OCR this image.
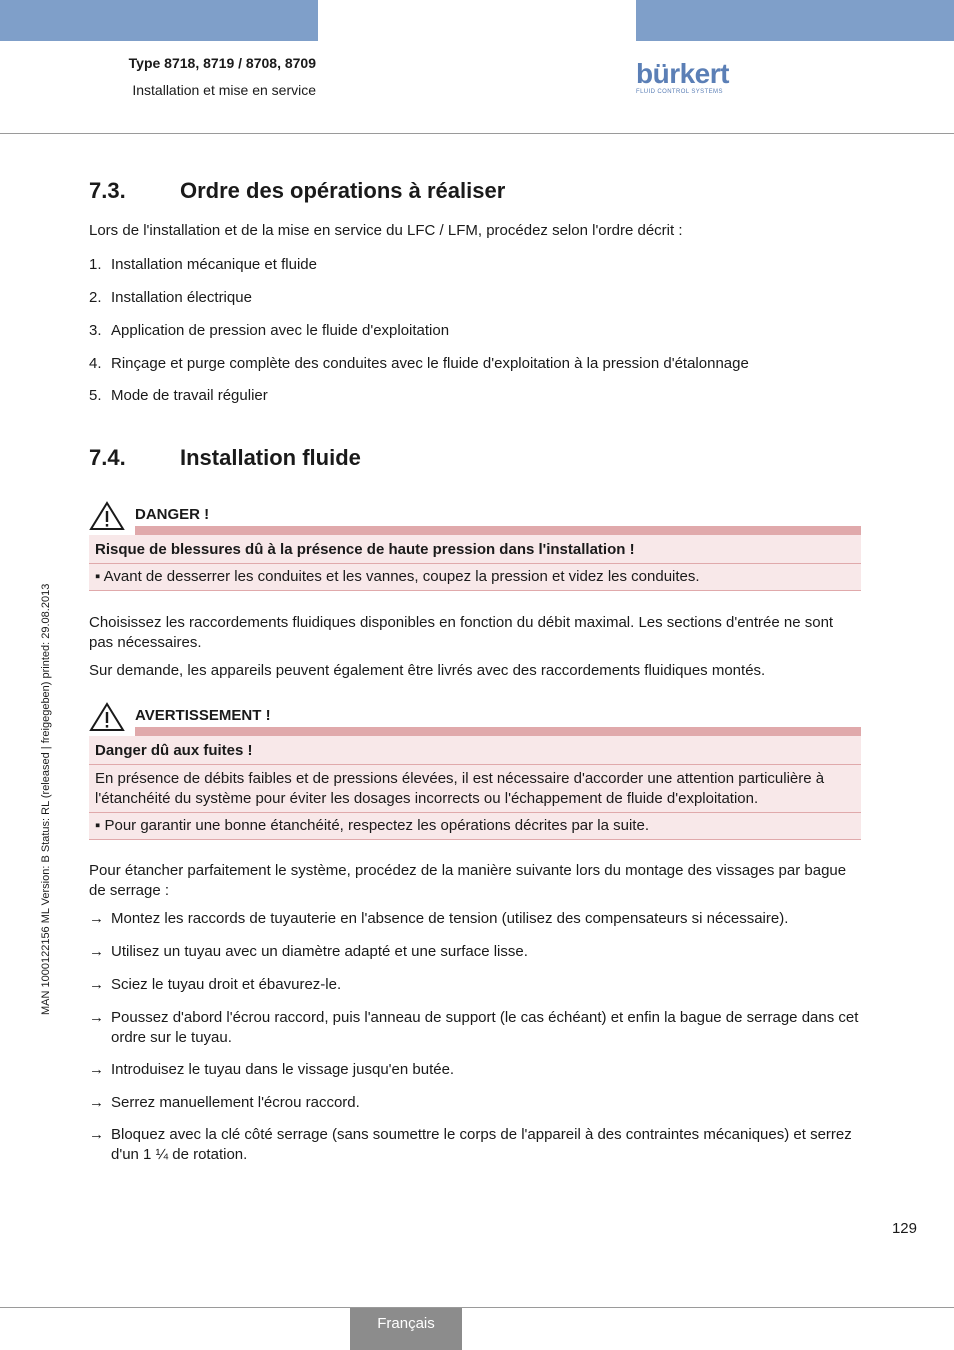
Type 8718, 8719 / 8708, 8709
Installation et mise en service
bürkert
FLUID CONTROL SYSTEMS
MAN 1000122156 ML Version: B Status: RL (released | freigegeben) printed: 29.08.2013
7.3. Ordre des opérations à réaliser
Lors de l'installation et de la mise en service du LFC / LFM, procédez selon l'ordre décrit :
1. Installation mécanique et fluide
2. Installation électrique
3. Application de pression avec le fluide d'exploitation
4. Rinçage et purge complète des conduites avec le fluide d'exploitation à la pression d'étalonnage
5. Mode de travail régulier
7.4. Installation fluide
DANGER !
Risque de blessures dû à la présence de haute pression dans l'installation !
▪ Avant de desserrer les conduites et les vannes, coupez la pression et videz les conduites.
Choisissez les raccordements fluidiques disponibles en fonction du débit maximal. Les sections d'entrée ne sont pas nécessaires.
Sur demande, les appareils peuvent également être livrés avec des raccordements fluidiques montés.
AVERTISSEMENT !
Danger dû aux fuites !
En présence de débits faibles et de pressions élevées, il est nécessaire d'accorder une attention particulière à l'étanchéité du système pour éviter les dosages incorrects ou l'échappement de fluide d'exploitation.
▪ Pour garantir une bonne étanchéité, respectez les opérations décrites par la suite.
Pour étancher parfaitement le système, procédez de la manière suivante lors du montage des vissages par bague de serrage :
→ Montez les raccords de tuyauterie en l'absence de tension (utilisez des compensateurs si nécessaire).
→ Utilisez un tuyau avec un diamètre adapté et une surface lisse.
→ Sciez le tuyau droit et ébavurez-le.
→ Poussez d'abord l'écrou raccord, puis l'anneau de support (le cas échéant) et enfin la bague de serrage dans cet ordre sur le tuyau.
→ Introduisez le tuyau dans le vissage jusqu'en butée.
→ Serrez manuellement l'écrou raccord.
→ Bloquez avec la clé côté serrage (sans soumettre le corps de l'appareil à des contraintes mécaniques) et serrez d'un 1 ¼ de rotation.
129
Français
